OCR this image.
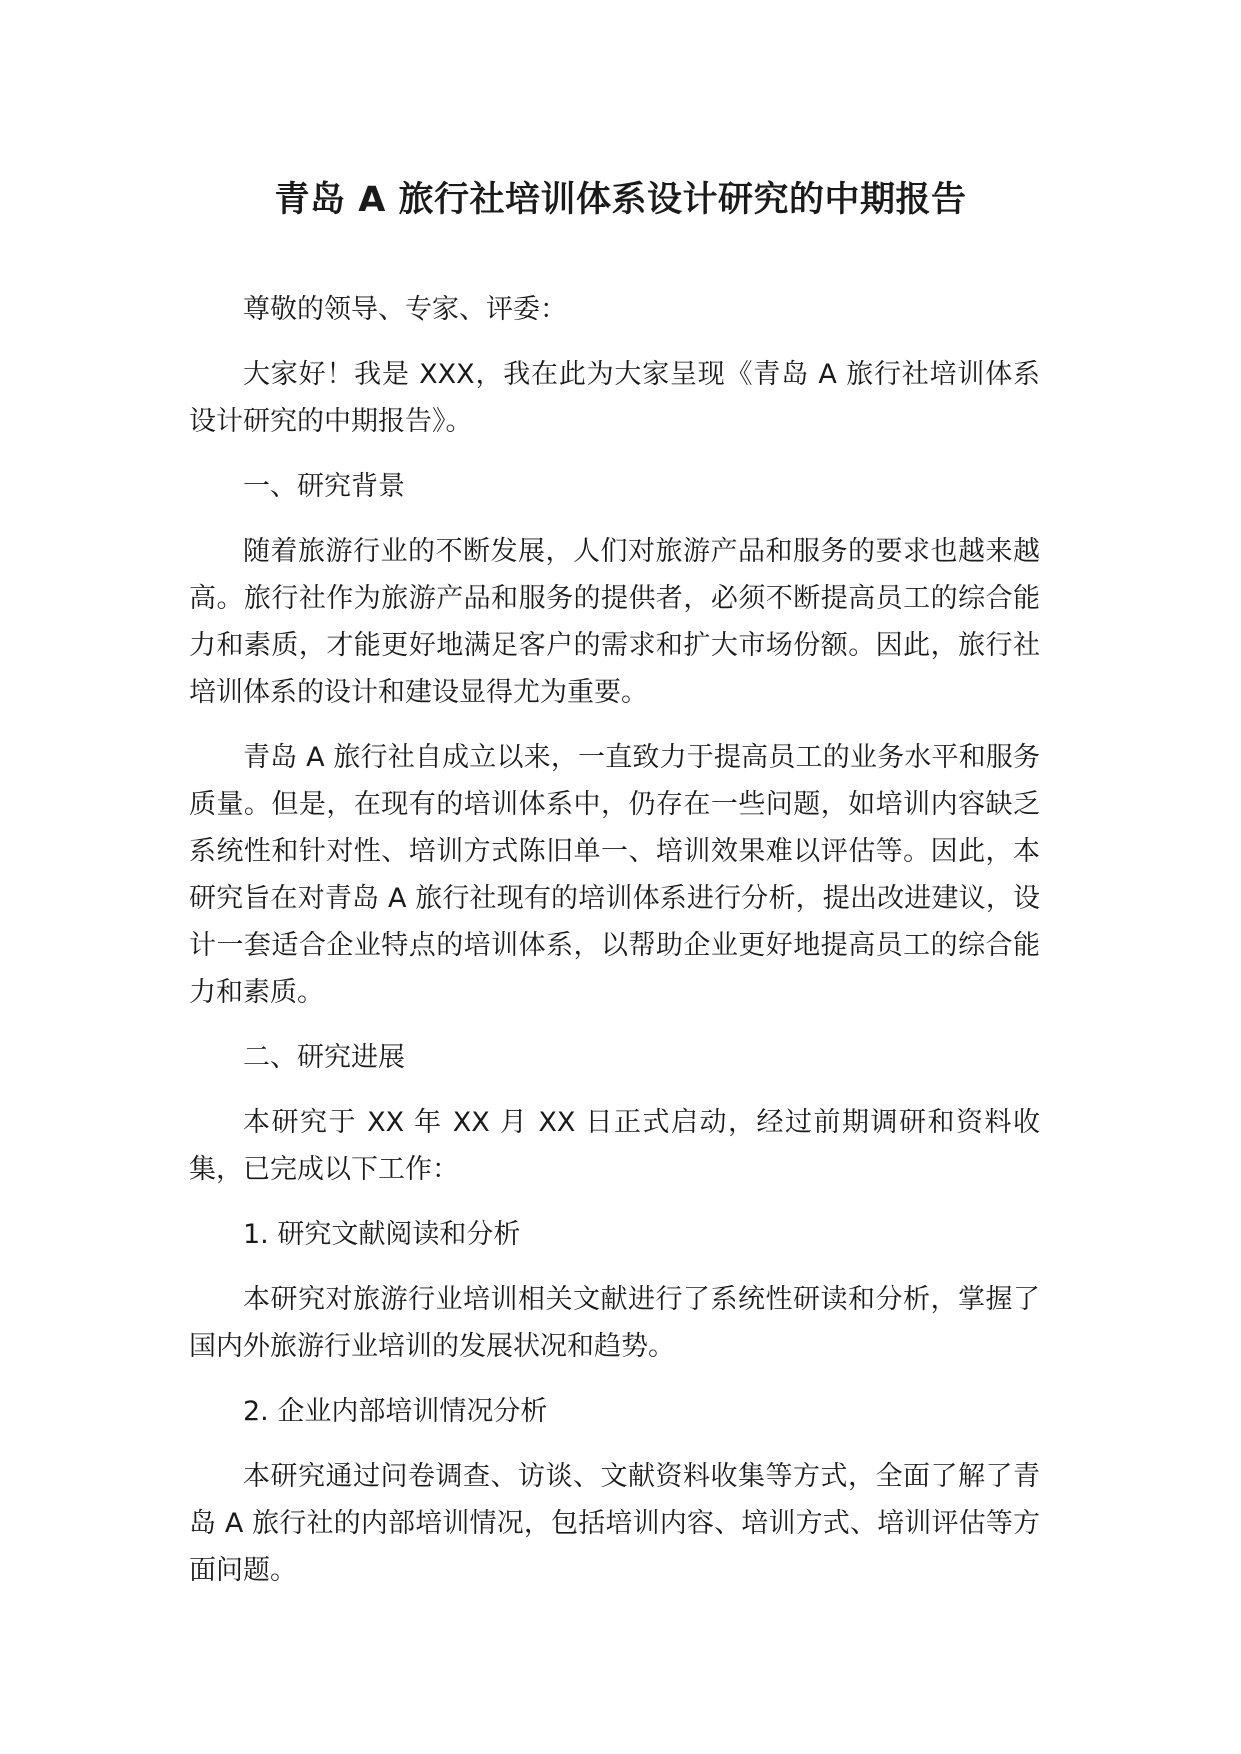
青岛 A 旅行社培训体系设计研究的中期报告

尊敬的领导、专家、评委：

大家好！我是 XXX，我在此为大家呈现《青岛 A 旅行社培训体系设计研究的中期报告》。

一、研究背景

随着旅游行业的不断发展，人们对旅游产品和服务的要求也越来越高。旅行社作为旅游产品和服务的提供者，必须不断提高员工的综合能力和素质，才能更好地满足客户的需求和扩大市场份额。因此，旅行社培训体系的设计和建设显得尤为重要。

青岛 A 旅行社自成立以来，一直致力于提高员工的业务水平和服务质量。但是，在现有的培训体系中，仍存在一些问题，如培训内容缺乏系统性和针对性、培训方式陈旧单一、培训效果难以评估等。因此，本研究旨在对青岛 A 旅行社现有的培训体系进行分析，提出改进建议，设计一套适合企业特点的培训体系，以帮助企业更好地提高员工的综合能力和素质。

二、研究进展

本研究于 XX 年 XX 月 XX 日正式启动，经过前期调研和资料收集，已完成以下工作：

1. 研究文献阅读和分析

本研究对旅游行业培训相关文献进行了系统性研读和分析，掌握了国内外旅游行业培训的发展状况和趋势。

2. 企业内部培训情况分析

本研究通过问卷调查、访谈、文献资料收集等方式，全面了解了青岛 A 旅行社的内部培训情况，包括培训内容、培训方式、培训评估等方面问题。
